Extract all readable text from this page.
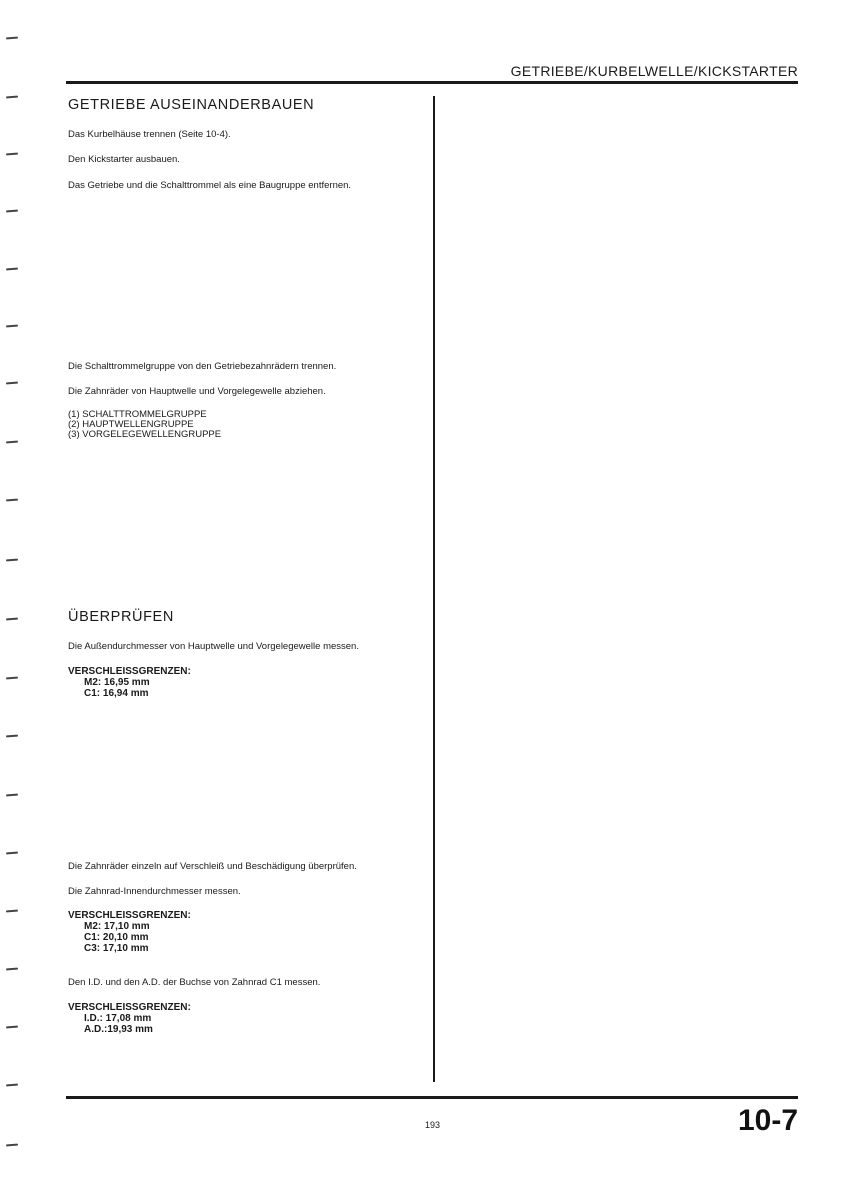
GETRIEBE/KURBELWELLE/KICKSTARTER
GETRIEBE AUSEINANDERBAUEN
Das Kurbelhäuse trennen (Seite 10-4).
Den Kickstarter ausbauen.
Das Getriebe und die Schalttrommel als eine Baugruppe entfernen.
Die Schalttrommelgruppe von den Getriebezahnrädern trennen.
Die Zahnräder von Hauptwelle und Vorgelegewelle abziehen.
(1) SCHALTTROMMELGRUPPE
(2) HAUPTWELLENGRUPPE
(3) VORGELEGEWELLENGRUPPE
ÜBERPRÜFEN
Die Außendurchmesser von Hauptwelle und Vorgelegewelle messen.
VERSCHLEISSGRENZEN:
M2: 16,95 mm
C1: 16,94 mm
Die Zahnräder einzeln auf Verschleiß und Beschädigung überprüfen.
Die Zahnrad-Innendurchmesser messen.
VERSCHLEISSGRENZEN:
M2: 17,10 mm
C1: 20,10 mm
C3: 17,10 mm
Den I.D. und den A.D. der Buchse von Zahnrad C1 messen.
VERSCHLEISSGRENZEN:
I.D.: 17,08 mm
A.D.:19,93 mm
193	10-7
